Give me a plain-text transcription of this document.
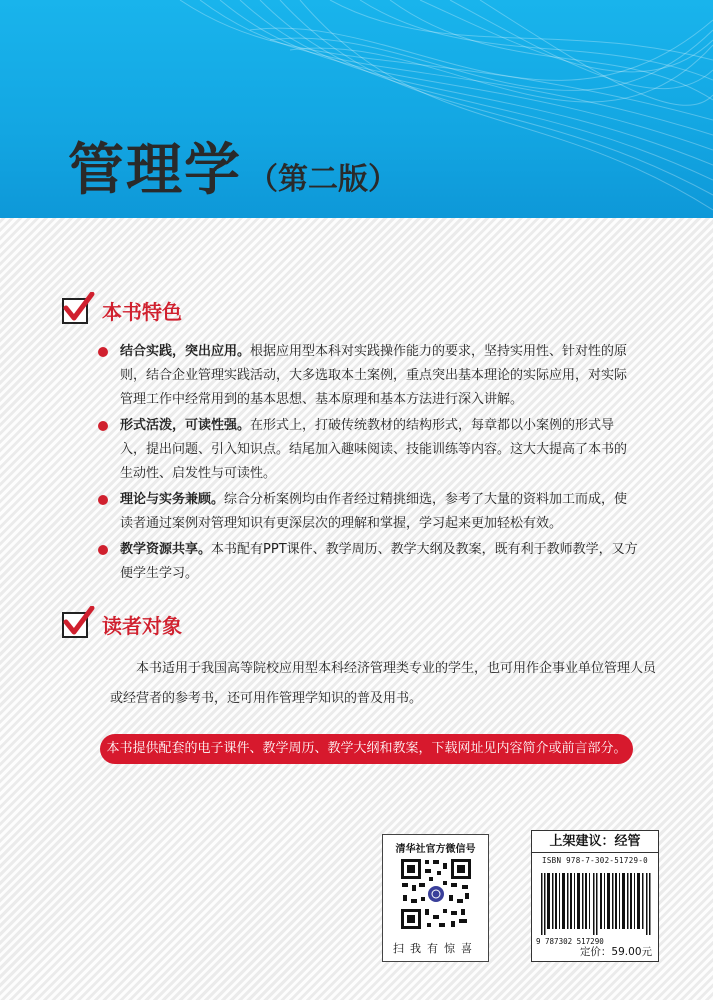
管理学 （第二版）
本书特色
结合实践，突出应用。根据应用型本科对实践操作能力的要求，坚持实用性、针对性的原则，结合企业管理实践活动，大多选取本土案例，重点突出基本理论的实际应用，对实际管理工作中经常用到的基本思想、基本原理和基本方法进行深入讲解。
形式活泼，可读性强。在形式上，打破传统教材的结构形式，每章都以小案例的形式导入，提出问题、引入知识点。结尾加入趣味阅读、技能训练等内容。这大大提高了本书的生动性、启发性与可读性。
理论与实务兼顾。综合分析案例均由作者经过精挑细选，参考了大量的资料加工而成，使读者通过案例对管理知识有更深层次的理解和掌握，学习起来更加轻松有效。
教学资源共享。本书配有PPT课件、教学周历、教学大纲及教案，既有利于教师教学，又方便学生学习。
读者对象

本书适用于我国高等院校应用型本科经济管理类专业的学生，也可用作企事业单位管理人员或经营者的参考书，还可用作管理学知识的普及用书。

本书提供配套的电子课件、教学周历、教学大纲和教案，下载网址见内容简介或前言部分。
清华社官方微信号
扫我有惊喜
上架建议：经管
ISBN 978-7-302-51729-0
9 787302 517290
定价：59.00元
